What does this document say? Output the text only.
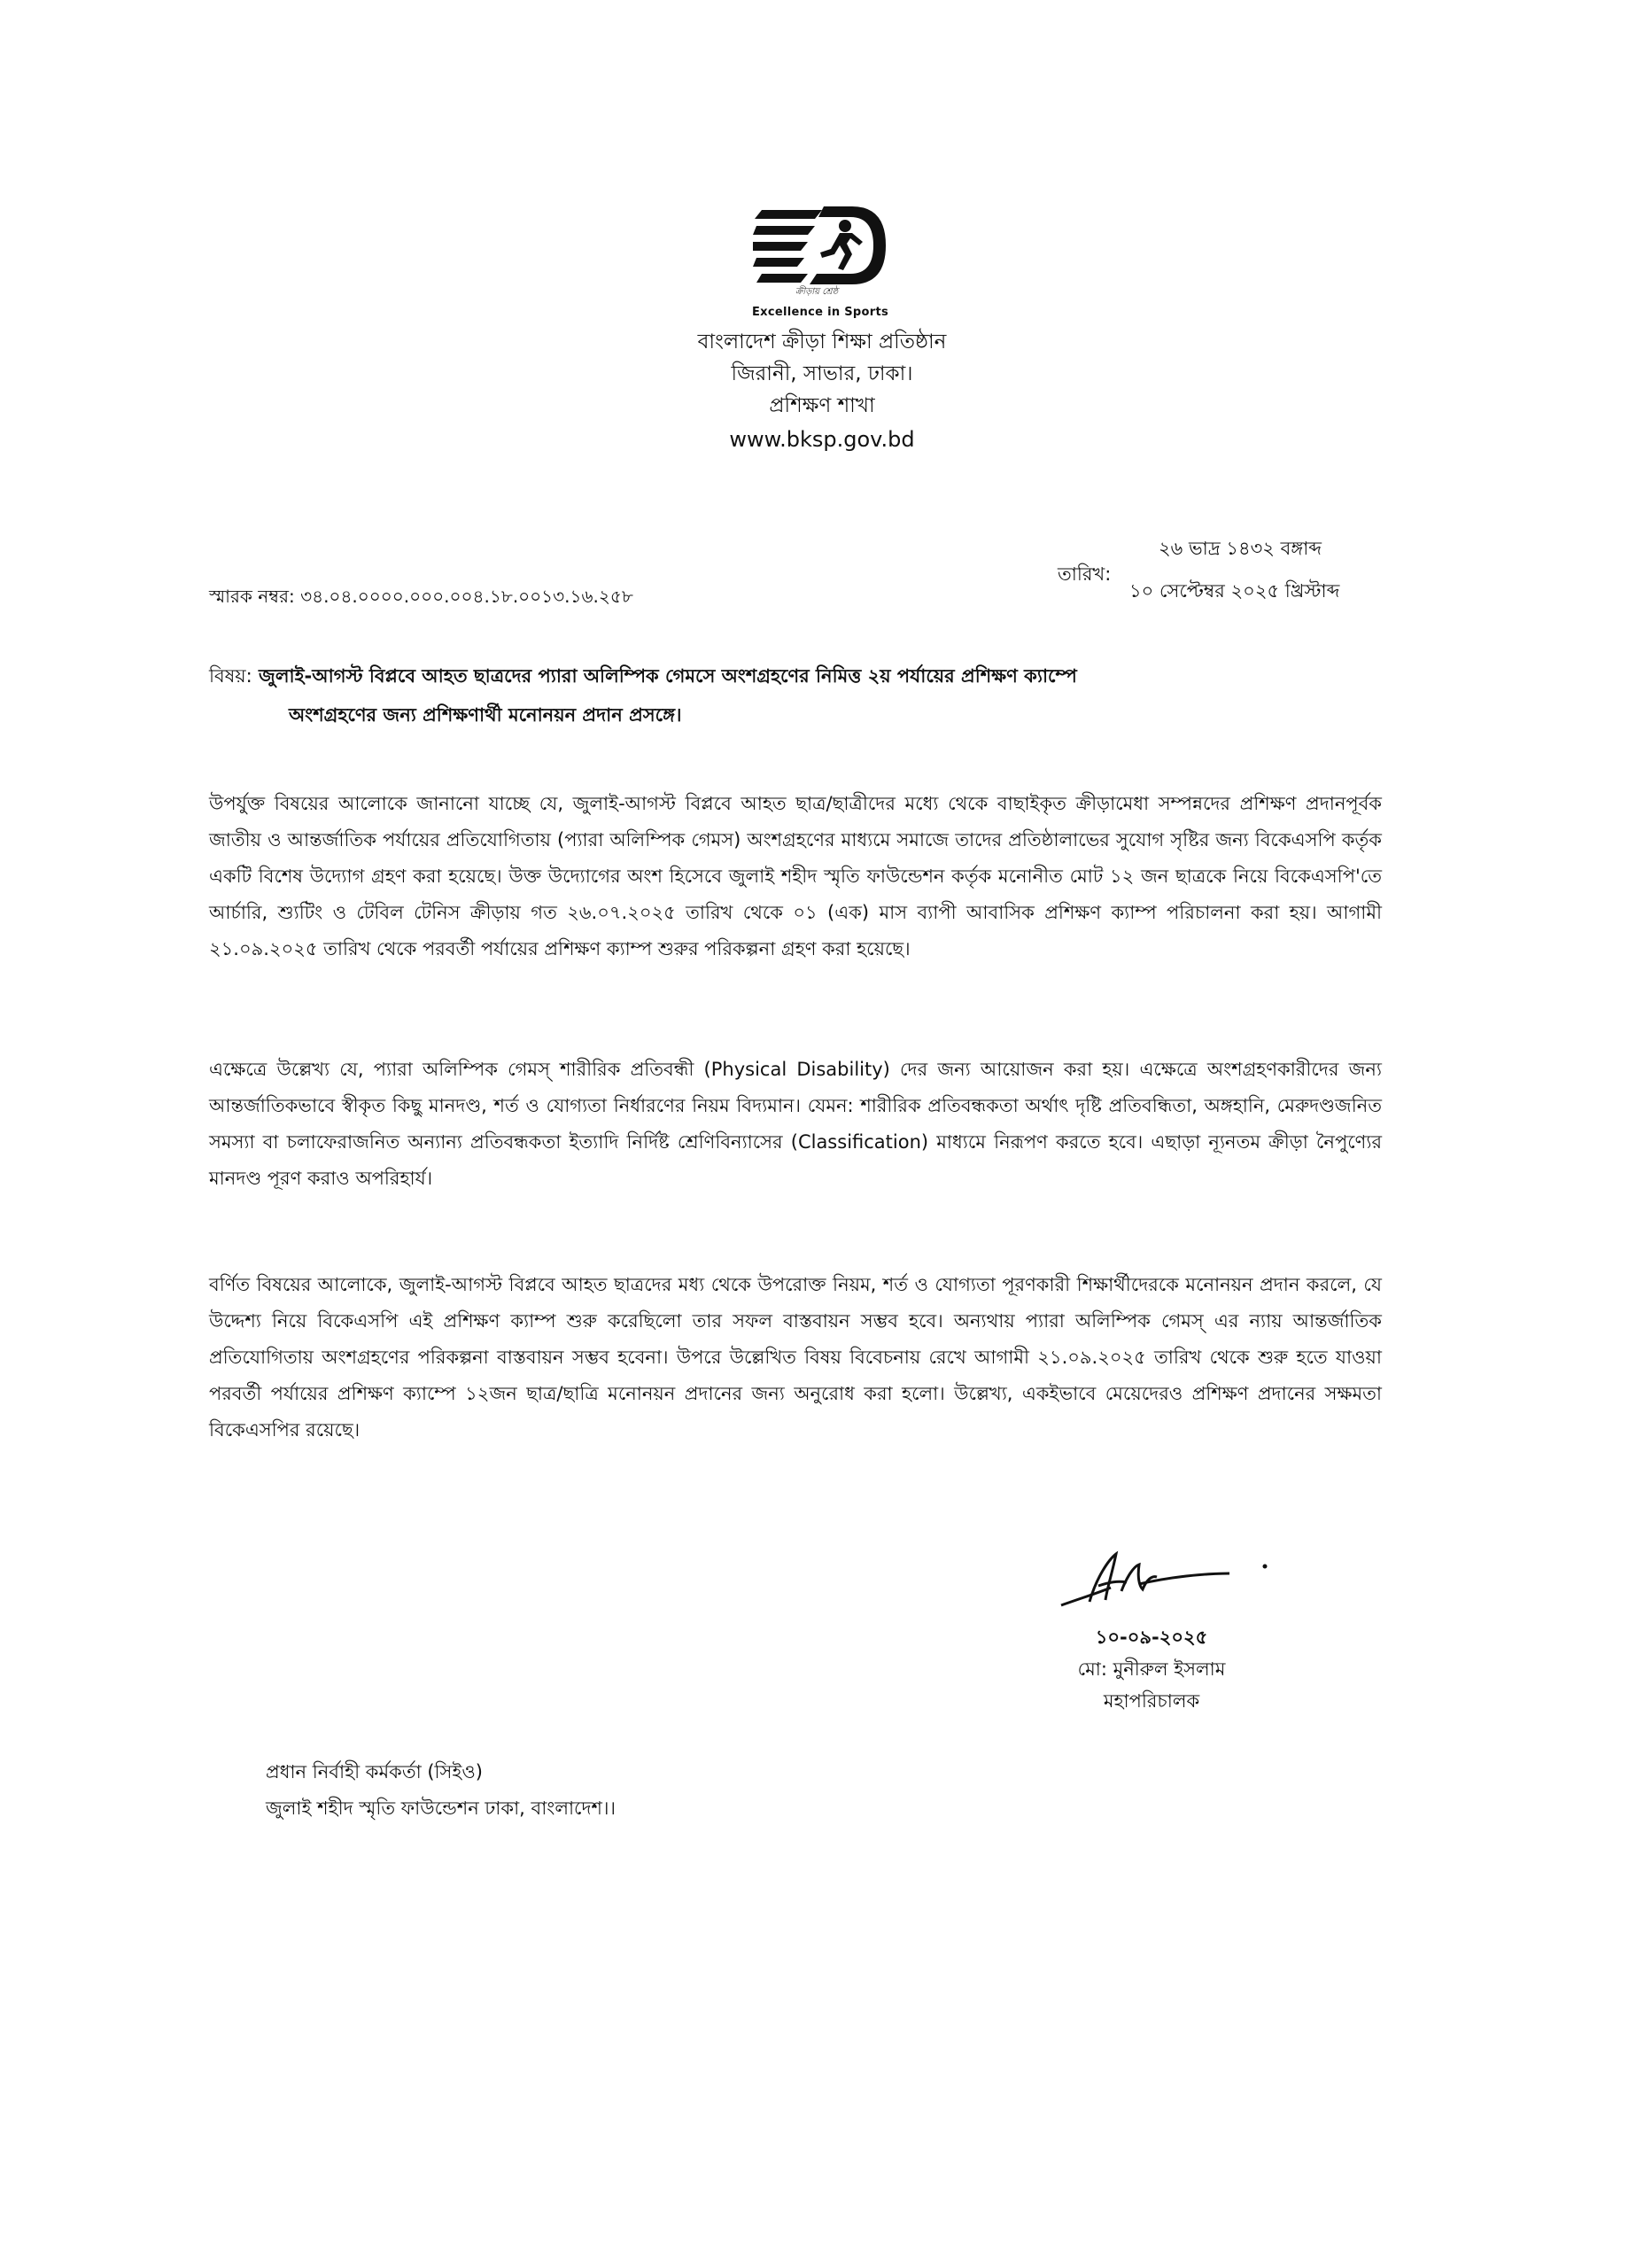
ক্রীড়ায় শ্রেষ্ঠ
Excellence in Sports

বাংলাদেশ ক্রীড়া শিক্ষা প্রতিষ্ঠান

জিরানী, সাভার, ঢাকা।

প্রশিক্ষণ শাখা

www.bksp.gov.bd

তারিখ:
২৬ ভাদ্র ১৪৩২ বঙ্গাব্দ
১০ সেপ্টেম্বর ২০২৫ খ্রিস্টাব্দ
স্মারক নম্বর: ৩৪.০৪.০০০০.০০০.০০৪.১৮.০০১৩.১৬.২৫৮
বিষয়: জুলাই-আগস্ট বিপ্লবে আহত ছাত্রদের প্যারা অলিম্পিক গেমসে অংশগ্রহণের নিমিত্ত ২য় পর্যায়ের প্রশিক্ষণ ক্যাম্পে
অংশগ্রহণের জন্য প্রশিক্ষণার্থী মনোনয়ন প্রদান প্রসঙ্গে।

উপর্যুক্ত বিষয়ের আলোকে জানানো যাচ্ছে যে, জুলাই-আগস্ট বিপ্লবে আহত ছাত্র/ছাত্রীদের মধ্যে থেকে বাছাইকৃত ক্রীড়ামেধা সম্পন্নদের প্রশিক্ষণ প্রদানপূর্বক জাতীয় ও আন্তর্জাতিক পর্যায়ের প্রতিযোগিতায় (প্যারা অলিম্পিক গেমস) অংশগ্রহণের মাধ্যমে সমাজে তাদের প্রতিষ্ঠালাভের সুযোগ সৃষ্টির জন্য বিকেএসপি কর্তৃক একটি বিশেষ উদ্যোগ গ্রহণ করা হয়েছে। উক্ত উদ্যোগের অংশ হিসেবে জুলাই শহীদ স্মৃতি ফাউন্ডেশন কর্তৃক মনোনীত মোট ১২ জন ছাত্রকে নিয়ে বিকেএসপি'তে আর্চারি, শ্যুটিং ও টেবিল টেনিস ক্রীড়ায় গত ২৬.০৭.২০২৫ তারিখ থেকে ০১ (এক) মাস ব্যাপী আবাসিক প্রশিক্ষণ ক্যাম্প পরিচালনা করা হয়। আগামী ২১.০৯.২০২৫ তারিখ থেকে পরবর্তী পর্যায়ের প্রশিক্ষণ ক্যাম্প শুরুর পরিকল্পনা গ্রহণ করা হয়েছে।

এক্ষেত্রে উল্লেখ্য যে, প্যারা অলিম্পিক গেমস্ শারীরিক প্রতিবন্ধী (Physical Disability) দের জন্য আয়োজন করা হয়। এক্ষেত্রে অংশগ্রহণকারীদের জন্য আন্তর্জাতিকভাবে স্বীকৃত কিছু মানদণ্ড, শর্ত ও যোগ্যতা নির্ধারণের নিয়ম বিদ্যমান। যেমন: শারীরিক প্রতিবন্ধকতা অর্থাৎ দৃষ্টি প্রতিবন্ধিতা, অঙ্গহানি, মেরুদণ্ডজনিত সমস্যা বা চলাফেরাজনিত অন্যান্য প্রতিবন্ধকতা ইত্যাদি নির্দিষ্ট শ্রেণিবিন্যাসের (Classification) মাধ্যমে নিরূপণ করতে হবে। এছাড়া ন্যূনতম ক্রীড়া নৈপুণ্যের মানদণ্ড পূরণ করাও অপরিহার্য।

বর্ণিত বিষয়ের আলোকে, জুলাই-আগস্ট বিপ্লবে আহত ছাত্রদের মধ্য থেকে উপরোক্ত নিয়ম, শর্ত ও যোগ্যতা পূরণকারী শিক্ষার্থীদেরকে মনোনয়ন প্রদান করলে, যে উদ্দেশ্য নিয়ে বিকেএসপি এই প্রশিক্ষণ ক্যাম্প শুরু করেছিলো তার সফল বাস্তবায়ন সম্ভব হবে। অন্যথায় প্যারা অলিম্পিক গেমস্ এর ন্যায় আন্তর্জাতিক প্রতিযোগিতায় অংশগ্রহণের পরিকল্পনা বাস্তবায়ন সম্ভব হবেনা। উপরে উল্লেখিত বিষয় বিবেচনায় রেখে আগামী ২১.০৯.২০২৫ তারিখ থেকে শুরু হতে যাওয়া পরবর্তী পর্যায়ের প্রশিক্ষণ ক্যাম্পে ১২জন ছাত্র/ছাত্রি মনোনয়ন প্রদানের জন্য অনুরোধ করা হলো। উল্লেখ্য, একইভাবে মেয়েদেরও প্রশিক্ষণ প্রদানের সক্ষমতা বিকেএসপির রয়েছে।

১০-০৯-২০২৫

মো: মুনীরুল ইসলাম

মহাপরিচালক

প্রধান নির্বাহী কর্মকর্তা (সিইও)

জুলাই শহীদ স্মৃতি ফাউন্ডেশন ঢাকা, বাংলাদেশ।।
